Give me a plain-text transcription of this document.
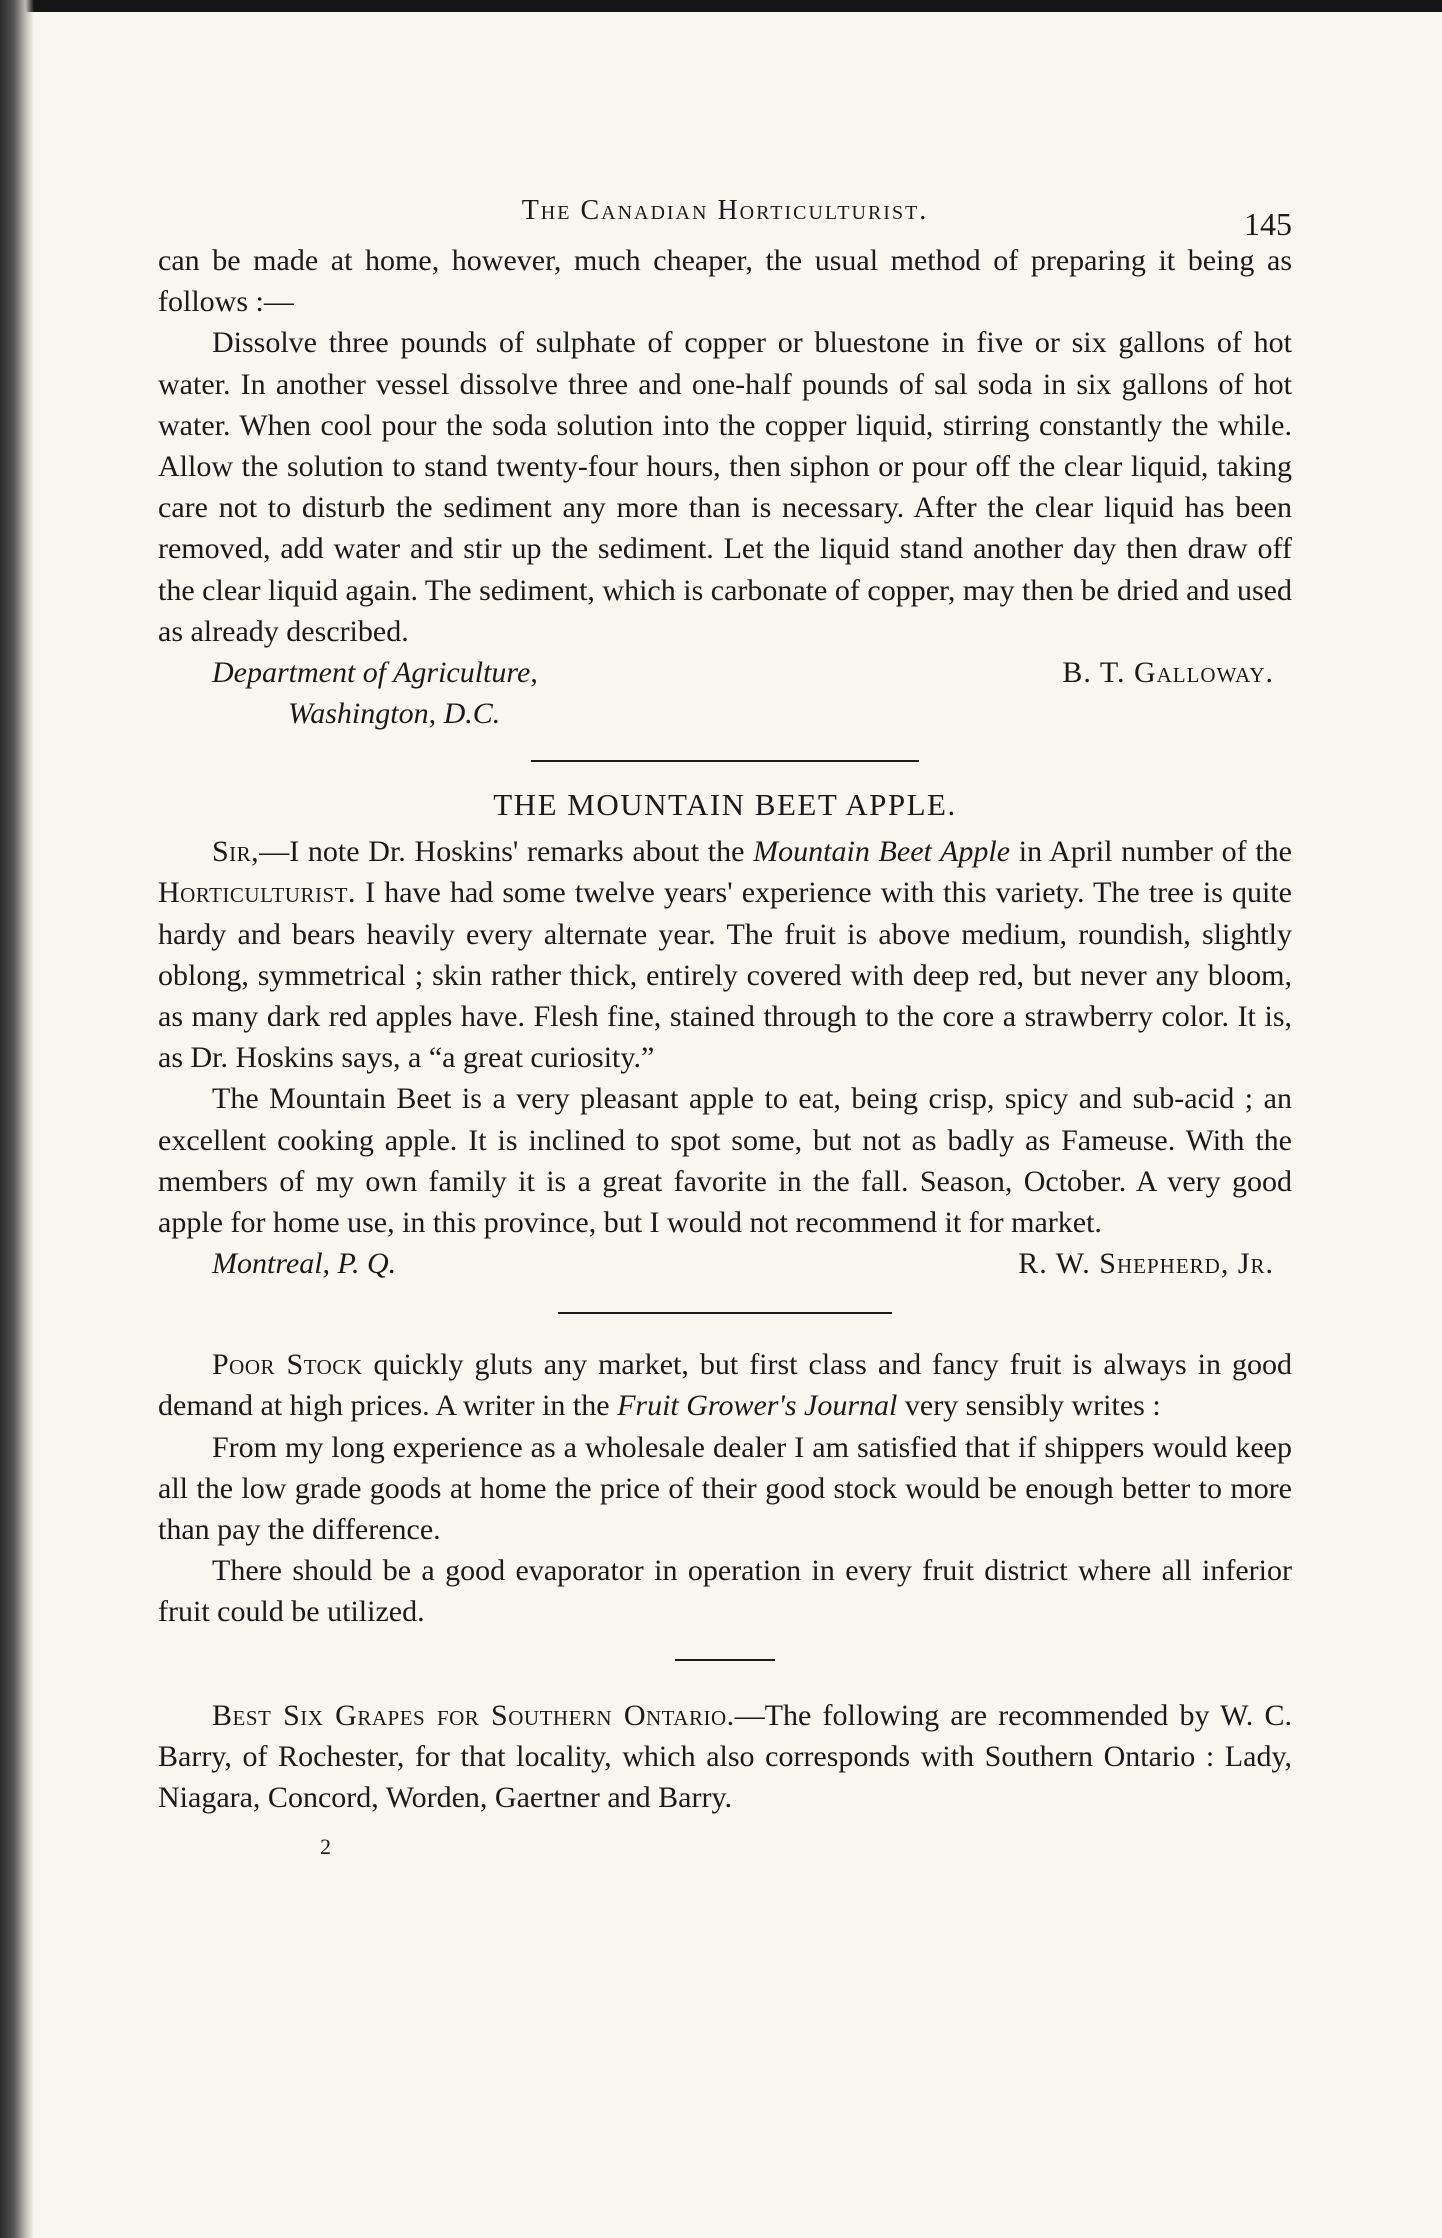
The Canadian Horticulturist.	145

can be made at home, however, much cheaper, the usual method of preparing it being as follows :—

Dissolve three pounds of sulphate of copper or bluestone in five or six gallons of hot water. In another vessel dissolve three and one-half pounds of sal soda in six gallons of hot water. When cool pour the soda solution into the copper liquid, stirring constantly the while. Allow the solution to stand twenty-four hours, then siphon or pour off the clear liquid, taking care not to disturb the sediment any more than is necessary. After the clear liquid has been removed, add water and stir up the sediment. Let the liquid stand another day then draw off the clear liquid again. The sediment, which is carbonate of copper, may then be dried and used as already described.

Department of Agriculture,	B. T. Galloway.
Washington, D.C.
THE MOUNTAIN BEET APPLE.

Sir,—I note Dr. Hoskins' remarks about the Mountain Beet Apple in April number of the Horticulturist. I have had some twelve years' experience with this variety. The tree is quite hardy and bears heavily every alternate year. The fruit is above medium, roundish, slightly oblong, symmetrical ; skin rather thick, entirely covered with deep red, but never any bloom, as many dark red apples have. Flesh fine, stained through to the core a strawberry color. It is, as Dr. Hoskins says, a “a great curiosity.”

The Mountain Beet is a very pleasant apple to eat, being crisp, spicy and sub-acid ; an excellent cooking apple. It is inclined to spot some, but not as badly as Fameuse. With the members of my own family it is a great favorite in the fall. Season, October. A very good apple for home use, in this province, but I would not recommend it for market.

Montreal, P. Q.	R. W. Shepherd, Jr.

Poor Stock quickly gluts any market, but first class and fancy fruit is always in good demand at high prices. A writer in the Fruit Grower's Journal very sensibly writes :

From my long experience as a wholesale dealer I am satisfied that if shippers would keep all the low grade goods at home the price of their good stock would be enough better to more than pay the difference.

There should be a good evaporator in operation in every fruit district where all inferior fruit could be utilized.

Best Six Grapes for Southern Ontario.—The following are recommended by W. C. Barry, of Rochester, for that locality, which also corresponds with Southern Ontario : Lady, Niagara, Concord, Worden, Gaertner and Barry.

2
